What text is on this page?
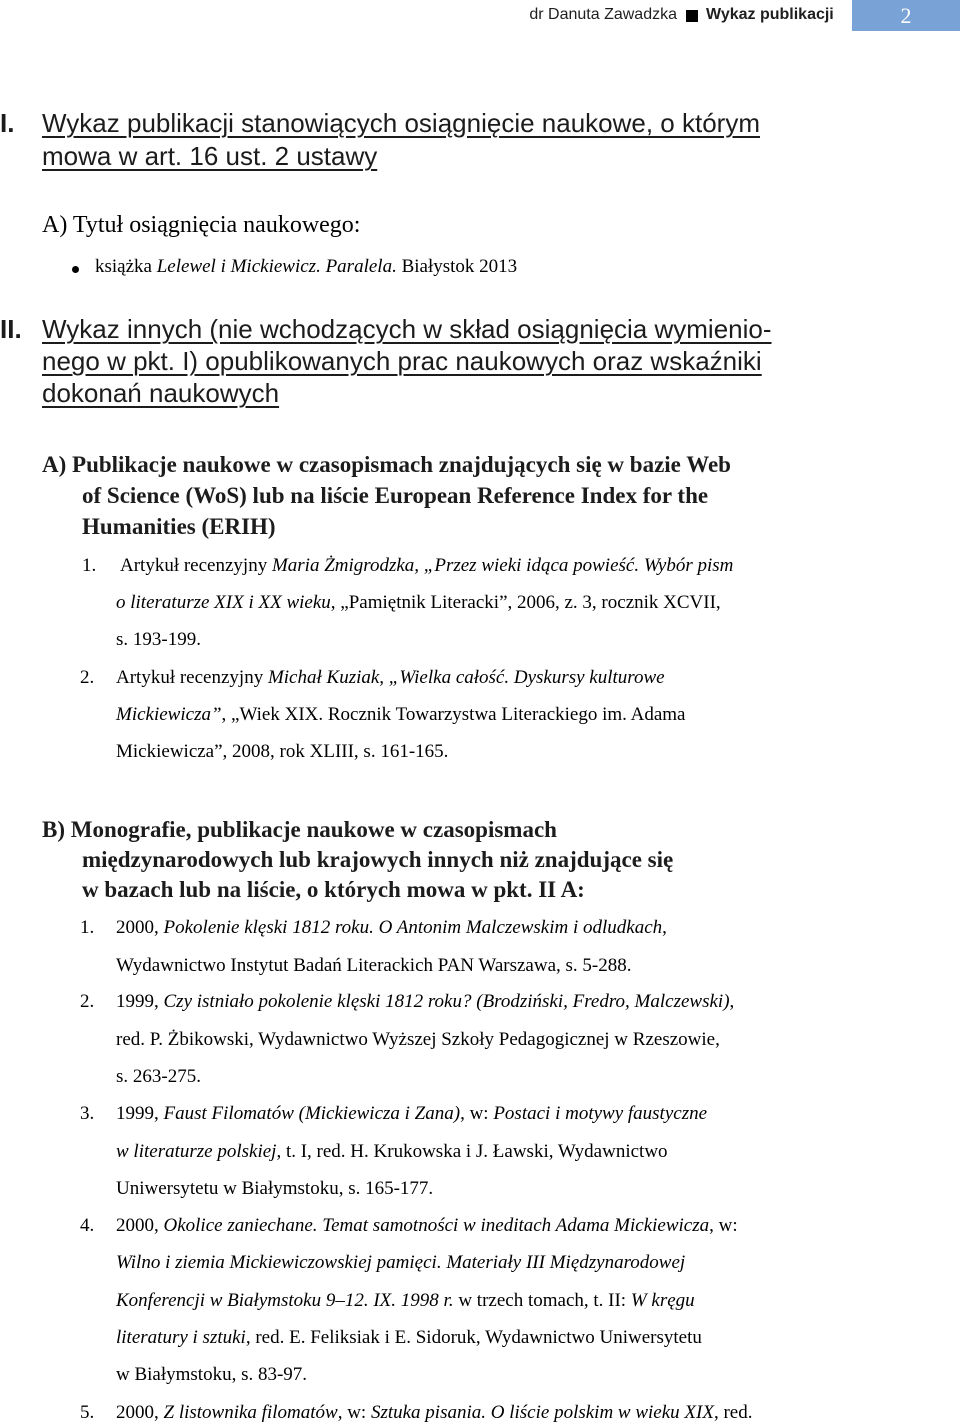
dr Danuta Zawadzka Wykaz publikacji	2
I. Wykaz publikacji stanowiących osiągnięcie naukowe, o którym
mowa w art. 16 ust. 2 ustawy
A) Tytuł osiągnięcia naukowego:
książka Lelewel i Mickiewicz. Paralela. Białystok 2013
II. Wykaz innych (nie wchodzących w skład osiągnięcia wymienio-
nego w pkt. I) opublikowanych prac naukowych oraz wskaźniki
dokonań naukowych
A) Publikacje naukowe w czasopismach znajdujących się w bazie Web
of Science (WoS) lub na liście European Reference Index for the
Humanities (ERIH)
1. Artykuł recenzyjny Maria Żmigrodzka, „Przez wieki idąca powieść. Wybór pism
o literaturze XIX i XX wieku, „Pamiętnik Literacki”, 2006, z. 3, rocznik XCVII,
s. 193-199.
2. Artykuł recenzyjny Michał Kuziak, „Wielka całość. Dyskursy kulturowe
Mickiewicza”, „Wiek XIX. Rocznik Towarzystwa Literackiego im. Adama
Mickiewicza”, 2008, rok XLIII, s. 161-165.
B) Monografie, publikacje naukowe w czasopismach
międzynarodowych lub krajowych innych niż znajdujące się
w bazach lub na liście, o których mowa w pkt. II A:
1. 2000, Pokolenie klęski 1812 roku. O Antonim Malczewskim i odludkach,
Wydawnictwo Instytut Badań Literackich PAN Warszawa, s. 5-288.
2. 1999, Czy istniało pokolenie klęski 1812 roku? (Brodziński, Fredro, Malczewski),
red. P. Żbikowski, Wydawnictwo Wyższej Szkoły Pedagogicznej w Rzeszowie,
s. 263-275.
3. 1999, Faust Filomatów (Mickiewicza i Zana), w: Postaci i motywy faustyczne
w literaturze polskiej, t. I, red. H. Krukowska i J. Ławski, Wydawnictwo
Uniwersytetu w Białymstoku, s. 165-177.
4. 2000, Okolice zaniechane. Temat samotności w ineditach Adama Mickiewicza, w:
Wilno i ziemia Mickiewiczowskiej pamięci. Materiały III Międzynarodowej
Konferencji w Białymstoku 9–12. IX. 1998 r. w trzech tomach, t. II: W kręgu
literatury i sztuki, red. E. Feliksiak i E. Sidoruk, Wydawnictwo Uniwersytetu
w Białymstoku, s. 83-97.
5. 2000, Z listownika filomatów, w: Sztuka pisania. O liście polskim w wieku XIX, red.
